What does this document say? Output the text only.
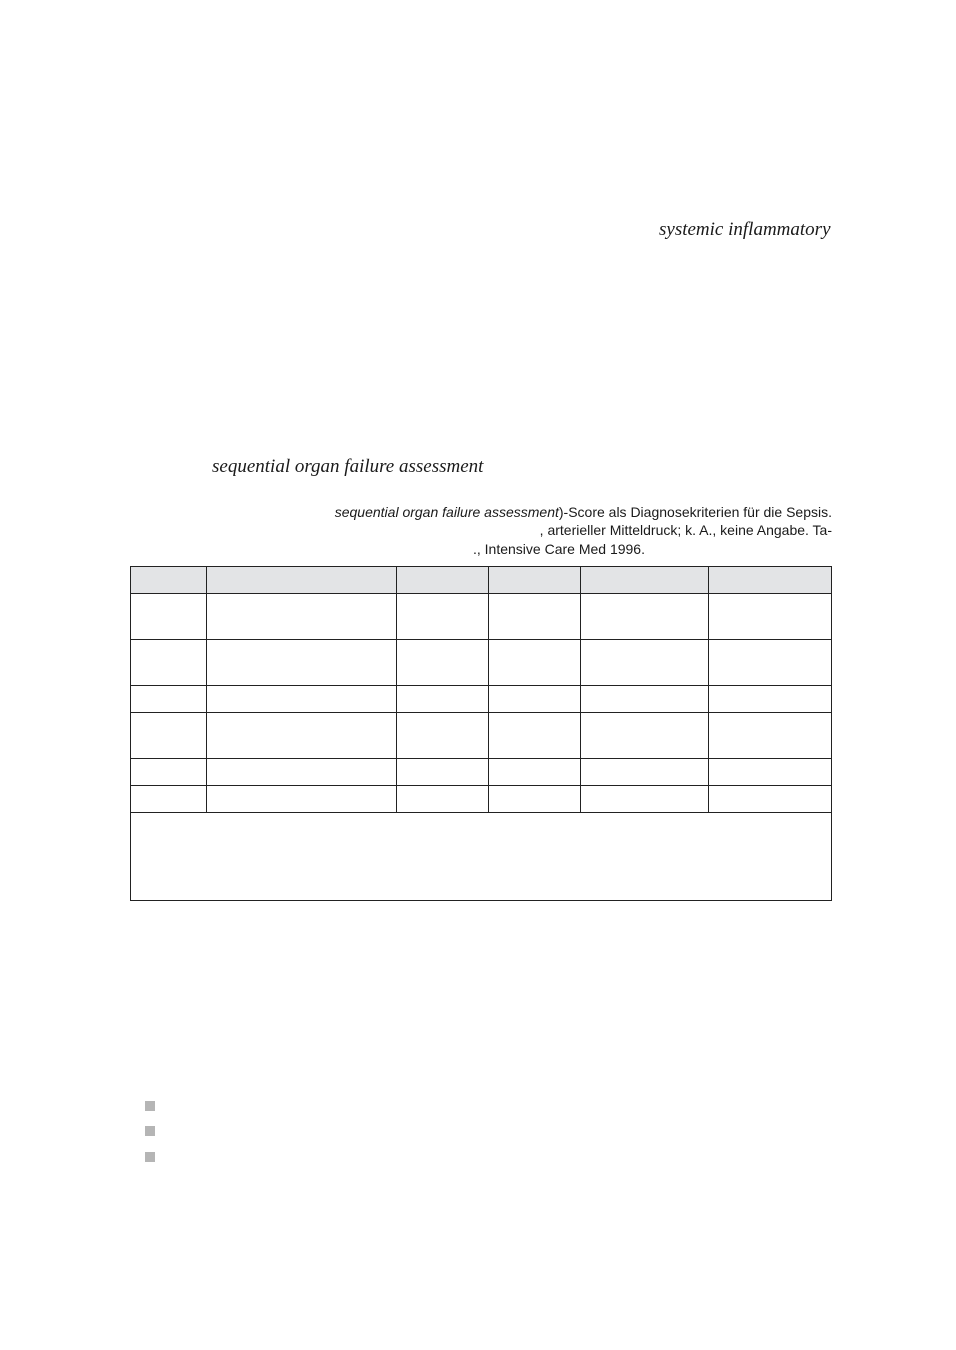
systemic inflammatory
sequential organ failure assessment
sequential organ failure assessment)-Score als Diagnosekriterien für die Sepsis.
, arterieller Mitteldruck; k. A., keine Angabe. Ta-
., Intensive Care Med 1996.
